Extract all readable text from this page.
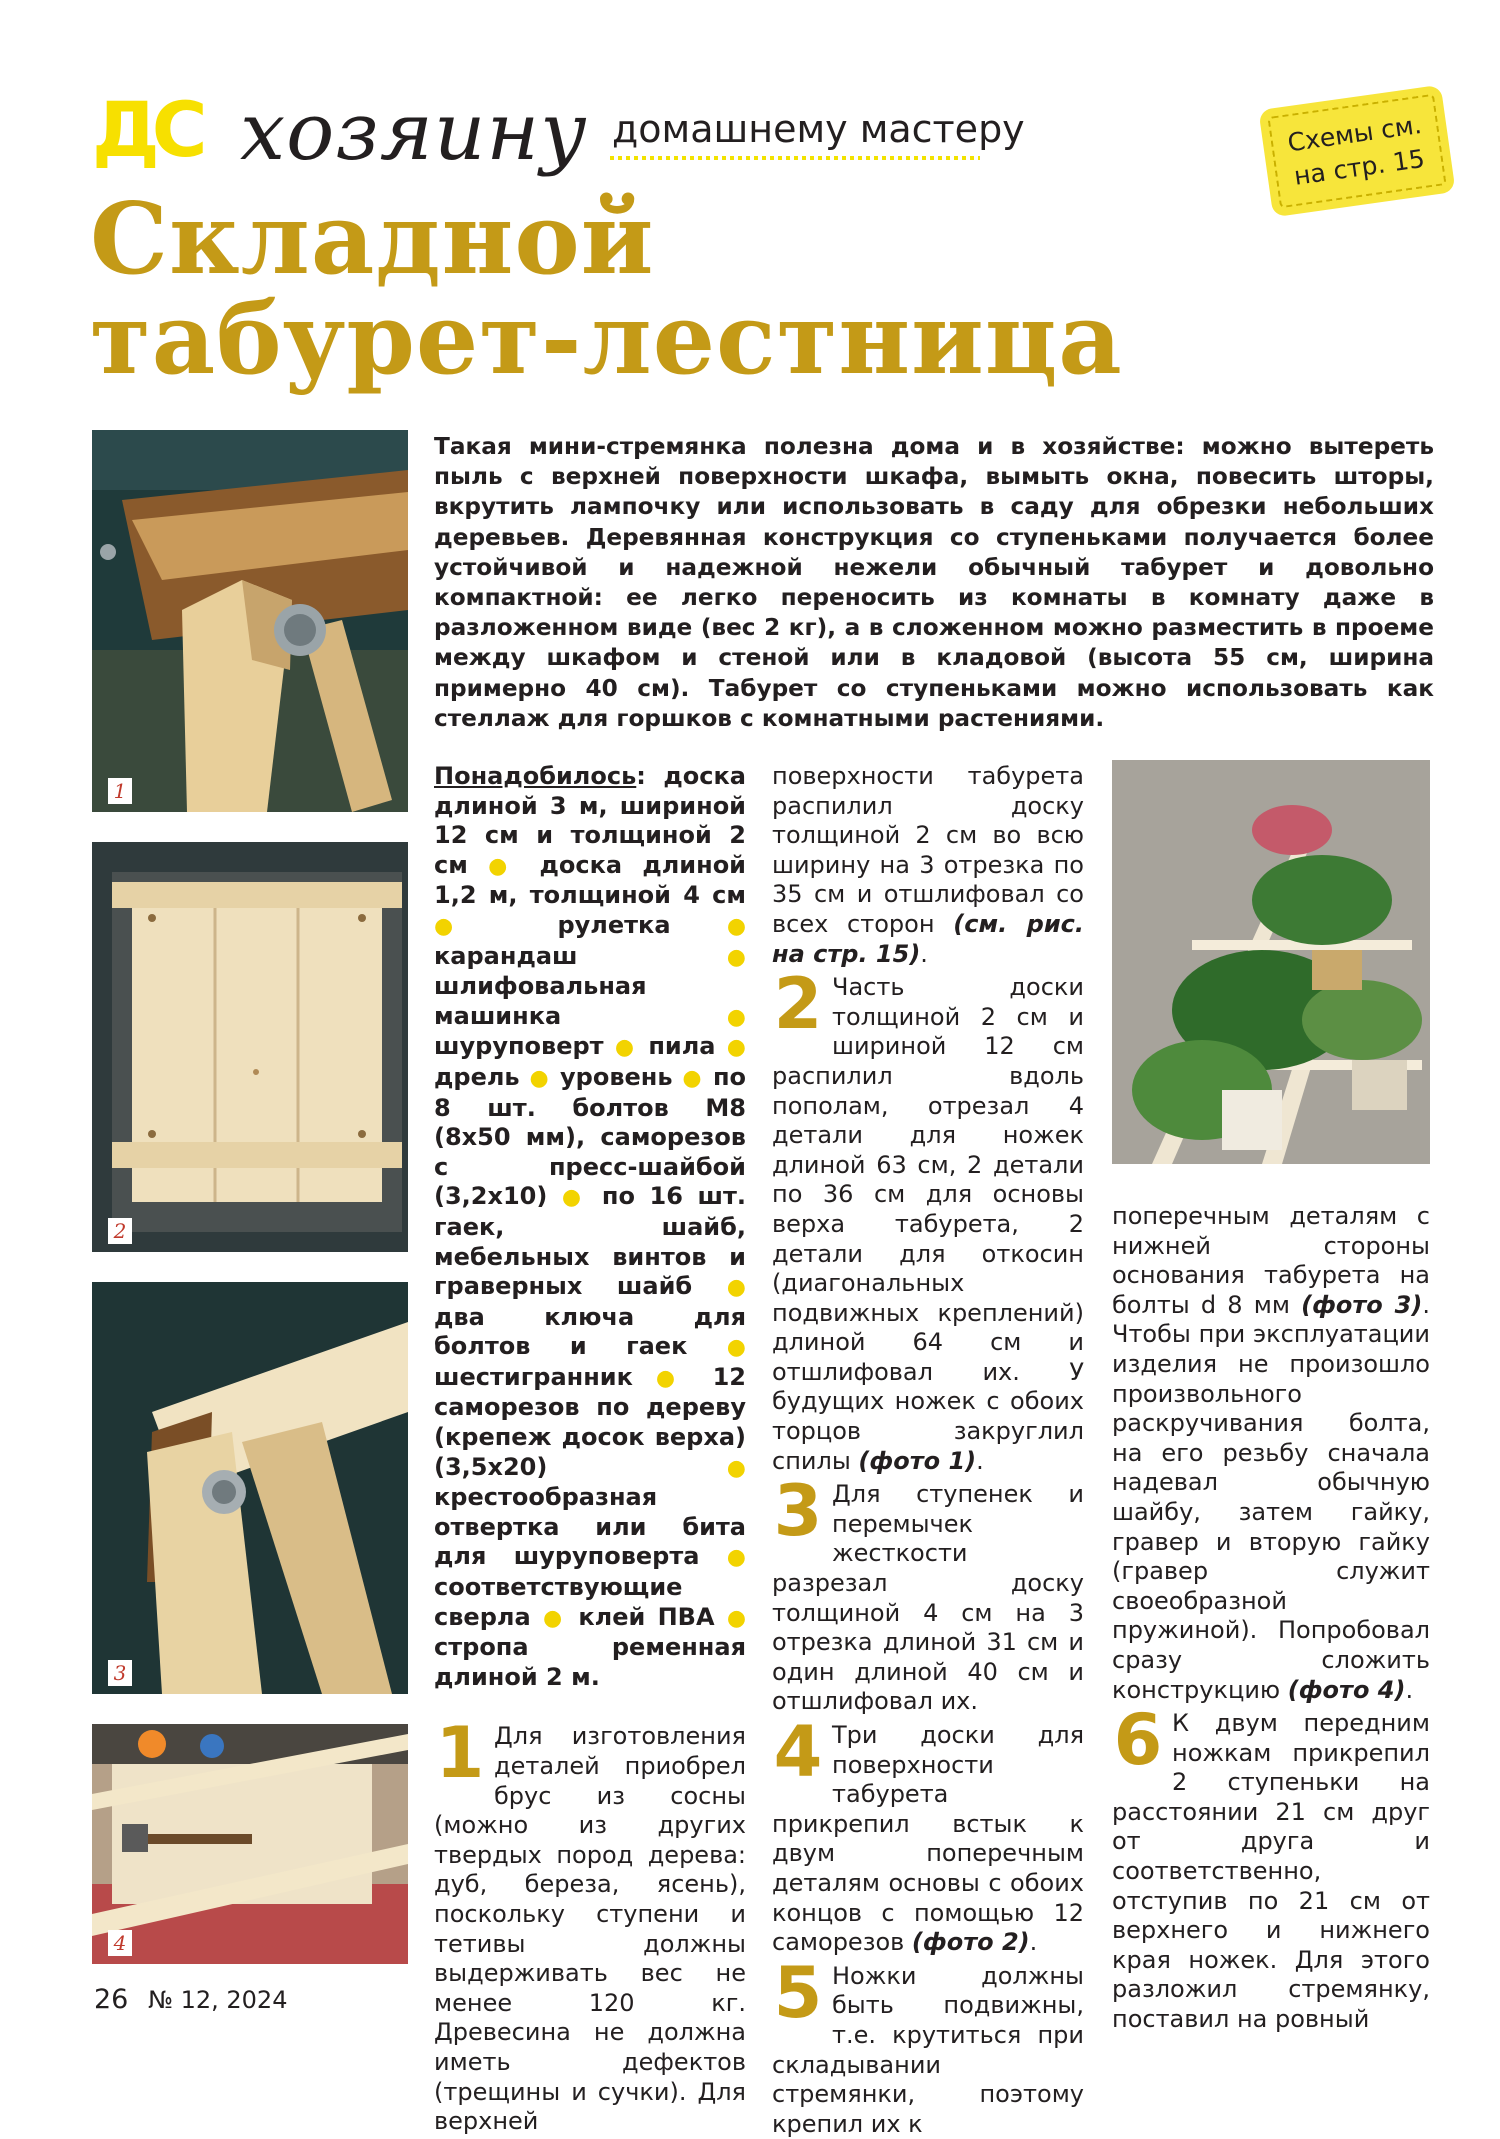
ДС хозяину домашнему мастеру	Схемы см.
на стр. 15
Складной
табурет-лестница
1
2
3
4
Такая мини-стремянка полезна дома и в хозяйстве: можно вытереть пыль с верхней поверхности шкафа, вымыть окна, повесить шторы, вкрутить лампочку или использовать в саду для обрезки небольших деревьев. Деревянная конструкция со ступеньками получается более устойчивой и надежной нежели обычный табурет и довольно компактной: ее легко переносить из комнаты в комнату даже в разложенном виде (вес 2 кг), а в сложенном можно разместить в проеме между шкафом и стеной или в кладовой (высота 55 см, ширина примерно 40 см). Табурет со ступеньками можно использовать как стеллаж для горшков с комнатными растениями.
Понадобилось: доска длиной 3 м, шириной 12 см и толщиной 2 см ● доска длиной 1,2 м, толщиной 4 см ● рулетка	● карандаш	● шлифовальная машинка	● шуруповерт ● пила ● дрель ● уровень ● по 8 шт. болтов М8 (8х50 мм), саморезов с пресс-шайбой (3,2х10) ● по 16 шт. гаек, шайб, мебельных винтов и граверных шайб ● два ключа для болтов и гаек ● шестигранник ● 12 саморезов по дереву (крепеж досок верха) (3,5х20)	● крестообразная отвертка или бита для шуруповерта ● соответствующие сверла ● клей ПВА ● стропа ременная длиной 2 м.
1 Для изготовления деталей приобрел брус из сосны (можно из других твердых пород дерева: дуб, береза, ясень), поскольку ступени и тетивы должны выдерживать вес не менее 120 кг. Древесина не должна иметь дефектов (трещины и сучки). Для верхней
поверхности табурета распилил доску толщиной 2 см во всю ширину на 3 отрезка по 35 см и отшлифовал со всех сторон (см. рис. на стр. 15).
2 Часть доски толщиной 2 см и шириной 12 см распилил вдоль пополам, отрезал 4 детали для ножек длиной 63 см, 2 детали по 36 см для основы верха табурета, 2 детали для откосин (диагональных подвижных креплений) длиной 64 см и отшлифовал их. У будущих ножек с обоих торцов закруглил спилы (фото 1).
3 Для ступенек и перемычек жесткости разрезал доску толщиной 4 см на 3 отрезка длиной 31 см и один длиной 40 см и отшлифовал их.
4 Три доски для поверхности табурета прикрепил встык к двум поперечным деталям основы с обоих концов с помощью 12 саморезов (фото 2).
5 Ножки должны быть подвижны, т.е. крутиться при складывании стремянки, поэтому крепил их к
поперечным деталям с нижней стороны основания табурета на болты d 8 мм (фото 3). Чтобы при эксплуатации изделия не произошло произвольного раскручивания болта, на его резьбу сначала надевал обычную шайбу, затем гайку, гравер и вторую гайку (гравер служит своеобразной пружиной). Попробовал сразу сложить конструкцию (фото 4).
6 К двум передним ножкам прикрепил 2 ступеньки на расстоянии 21 см друг от друга и соответственно, отступив по 21 см от верхнего и нижнего края ножек. Для этого разложил стремянку, поставил на ровный
26 № 12, 2024
